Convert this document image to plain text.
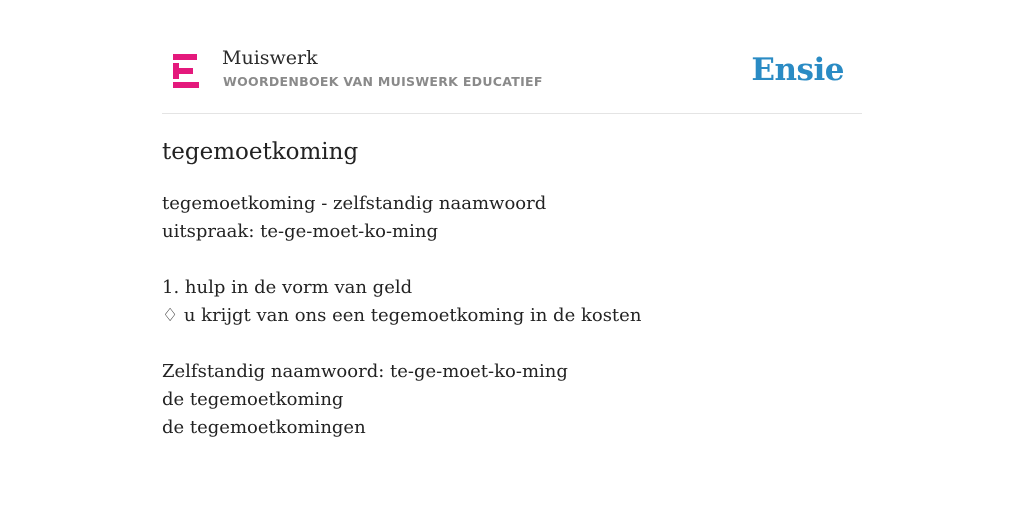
Muiswerk
WOORDENBOEK VAN MUISWERK EDUCATIEF	Ensie
tegemoetkoming
tegemoetkoming - zelfstandig naamwoord
uitspraak: te-ge-moet-ko-ming
1. hulp in de vorm van geld
♢ u krijgt van ons een tegemoetkoming in de kosten
Zelfstandig naamwoord: te-ge-moet-ko-ming
de tegemoetkoming
de tegemoetkomingen
